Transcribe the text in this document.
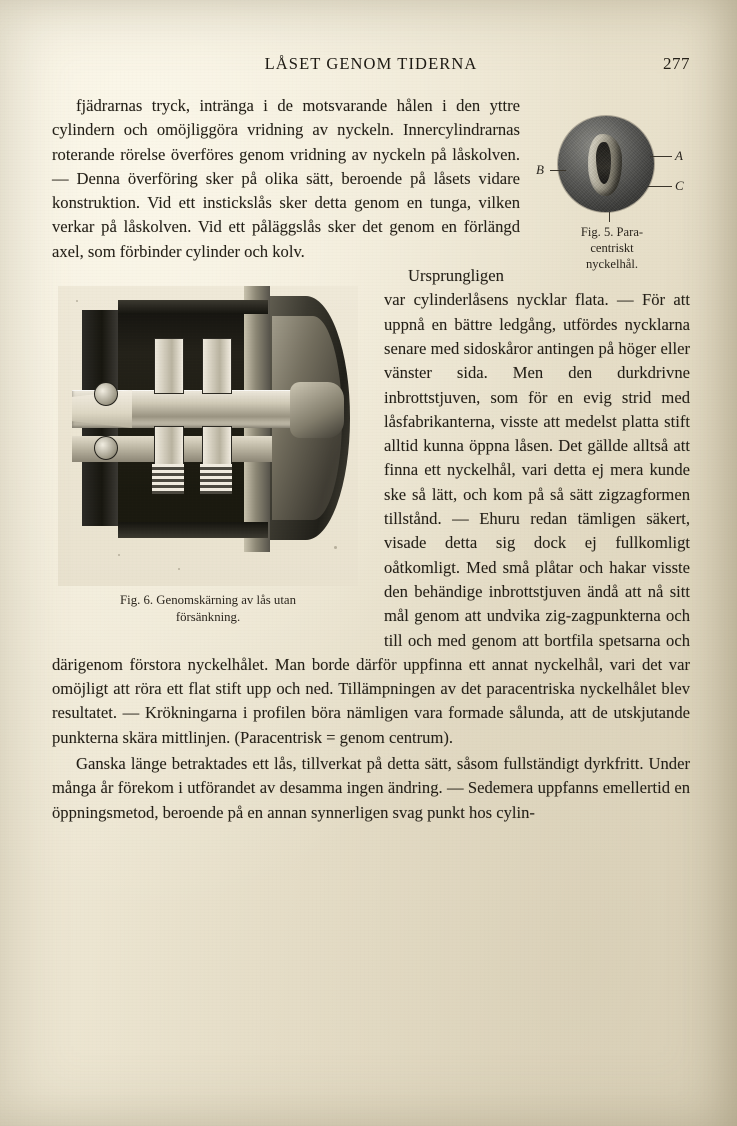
LÅSET GENOM TIDERNA	277
A
B
C
Fig. 5. Para-
centriskt
nyckelhål.

fjädrarnas tryck, intränga i de motsvarande hålen i den yttre cylindern och omöjliggöra vridning av nyckeln. Innercylindrarnas roterande rörelse överföres genom vridning av nyckeln på låskolven. — Denna överföring sker på olika sätt, beroende på låsets vidare konstruktion. Vid ett instickslås sker detta genom en tunga, vilken verkar på låskolven. Vid ett påläggslås sker det genom en förlängd axel, som förbinder cylinder och kolv.

Fig. 6. Genomskärning av lås utan
försänkning.

Ursprungligen var cylinderlåsens nycklar flata. — För att uppnå en bättre ledgång, utfördes nycklarna senare med sidoskåror antingen på höger eller vänster sida. Men den durkdrivne inbrottstjuven, som för en evig strid med låsfabrikanterna, visste att medelst platta stift alltid kunna öppna låsen. Det gällde alltså att finna ett nyckelhål, vari detta ej mera kunde ske så lätt, och kom på så sätt zigzagformen tillstånd. — Ehuru redan tämligen säkert, visade detta sig dock ej fullkomligt oåtkomligt. Med små plåtar och hakar visste den behändige inbrottstjuven ändå att nå sitt mål genom att undvika zig-zagpunkterna och till och med genom att bortfila spetsarna och därigenom förstora nyckelhålet. Man borde därför uppfinna ett annat nyckelhål, vari det var omöjligt att röra ett flat stift upp och ned. Tillämpningen av det paracentriska nyckelhålet blev resultatet. — Krökningarna i profilen böra nämligen vara formade sålunda, att de utskjutande punkterna skära mittlinjen. (Paracentrisk = genom centrum).

Ganska länge betraktades ett lås, tillverkat på detta sätt, såsom fullständigt dyrkfritt. Under många år förekom i utförandet av desamma ingen ändring. — Sedemera uppfanns emellertid en öppningsmetod, beroende på en annan synnerligen svag punkt hos cylin-
